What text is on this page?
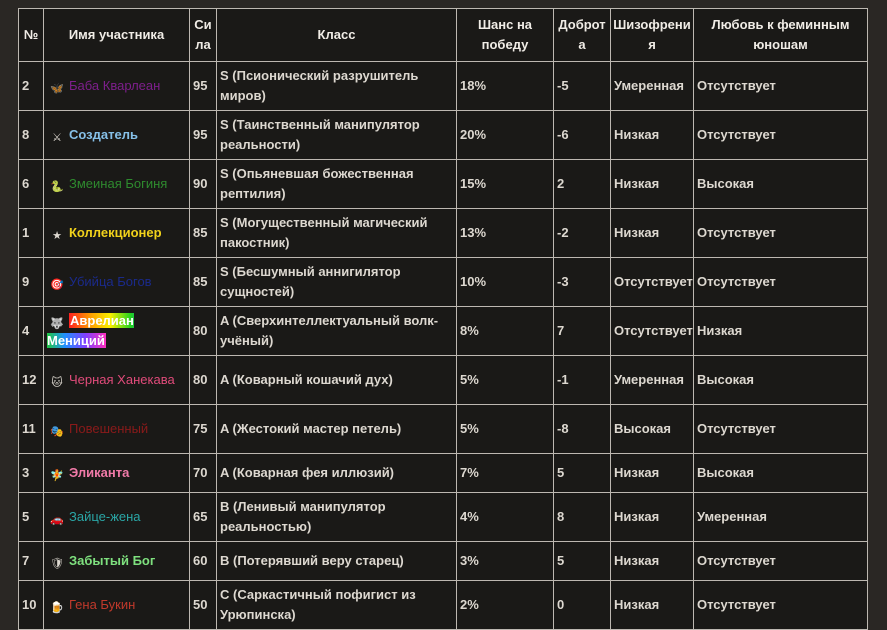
№	Имя участника	Сила	Класс	Шанс на победу	Доброта	Шизофрения	Любовь к феминным юношам
2	🦋 Баба Кварлеан	95	S (Псионический разрушитель миров)	18%	-5	Умеренная	Отсутствует
8	⚔ Создатель	95	S (Таинственный манипулятор реальности)	20%	-6	Низкая	Отсутствует
6	🐍 Змеиная Богиня	90	S (Опьяневшая божественная рептилия)	15%	2	Низкая	Высокая
1	★ Коллекционер	85	S (Могущественный магический пакостник)	13%	-2	Низкая	Отсутствует
9	🎯 Убийца Богов	85	S (Бесшумный аннигилятор сущностей)	10%	-3	Отсутствует	Отсутствует
4	🐺 Аврелиан Мениций	80	A (Сверхинтеллектуальный волк-учёный)	8%	7	Отсутствует	Низкая
12	🐱 Черная Ханекава	80	A (Коварный кошачий дух)	5%	-1	Умеренная	Высокая
11	🎭 Повешенный	75	A (Жестокий мастер петель)	5%	-8	Высокая	Отсутствует
3	🧚 Эликанта	70	A (Коварная фея иллюзий)	7%	5	Низкая	Высокая
5	🚗 Зайце-жена	65	B (Ленивый манипулятор реальностью)	4%	8	Низкая	Умеренная
7	🛡 Забытый Бог	60	B (Потерявший веру старец)	3%	5	Низкая	Отсутствует
10	🍺 Гена Букин	50	C (Саркастичный пофигист из Урюпинска)	2%	0	Низкая	Отсутствует
